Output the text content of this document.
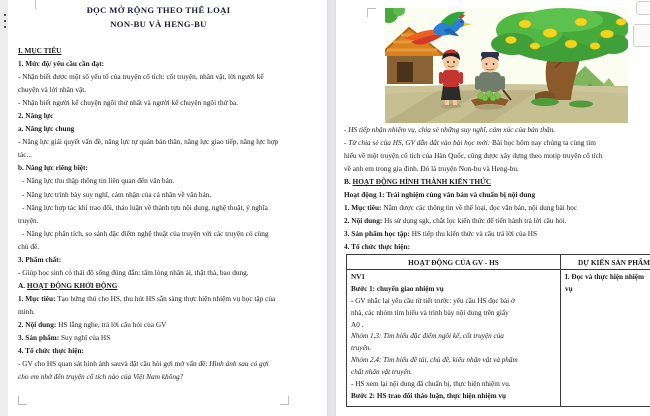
ĐỌC MỞ RỘNG THEO THỂ LOẠI
NON-BU VÀ HENG-BU
I. MỤC TIÊU
1. Mức độ/ yêu cầu cần đạt:
- Nhận biết được một số yếu tố của truyện cổ tích: cốt truyện, nhân vật, lời người kể
chuyện và lời nhân vật.
- Nhận biết người kể chuyện ngôi thứ nhất và người kể chuyện ngôi thứ ba.
2. Năng lực
a. Năng lực chung
- Năng lực giải quyết vấn đề, năng lực tự quản bản thân, năng lực giao tiếp, năng lực hợp
tác...
b. Năng lực riêng biệt:
- Năng lực thu thập thông tin liên quan đến văn bản.
- Năng lực trình bày suy nghĩ, cảm nhận của cá nhân về văn bản.
- Năng lực hợp tác khi trao đổi, thảo luận về thành tựu nội dung, nghệ thuật, ý nghĩa
truyện.
- Năng lực phân tích, so sánh đặc điểm nghệ thuật của truyện với các truyện có cùng
chủ đề.
3. Phẩm chất:
- Giúp học sinh có thái độ sống đúng đắn: tấm lòng nhân ái, thật thà, bao dung.
A. HOẠT ĐỘNG KHỞI ĐỘNG
1. Mục tiêu: Tạo hứng thú cho HS, thu hút HS sẵn sàng thực hiện nhiệm vụ học tập của
mình.
2. Nội dung: HS lắng nghe, trả lời câu hỏi của GV
3. Sản phẩm: Suy nghĩ của HS
4. Tổ chức thực hiện:
- GV cho HS quan sát hình ảnh sauvà đặt câu hỏi gợi mở vấn đề: Hình ảnh sau có gợi
cho em nhớ đến truyện cổ tích nào của Việt Nam không?
- HS tiếp nhận nhiệm vụ, chia sẻ những suy nghĩ, cảm xúc của bản thân.
- Từ chia sẻ của HS, GV dẫn dắt vào bài học mới: Bài học hôm nay chúng ta cùng tìm
hiểu về một truyện cổ tích của Hàn Quốc, cũng được xây dựng theo motip truyện cổ tích
về anh em trong gia đình. Đó là truyện Non-bu và Heng-bu.
B. HOẠT ĐỘNG HÌNH THÀNH KIẾN THỨC
Hoạt động 1: Trải nghiệm cùng văn bản và chuẩn bị nội dung
1. Mục tiêu: Nắm được các thông tin về thể loại, đọc văn bản, nội dung bài học
2. Nội dung: Hs sử dụng sgk, chắt lọc kiến thức để tiến hành trả lời câu hỏi.
3. Sản phẩm học tập: HS tiếp thu kiến thức và câu trả lời của HS
4. Tổ chức thực hiện:
HOẠT ĐỘNG CỦA GV - HS	DỰ KIẾN SẢN PHẨM
NV1
Bước 1: chuyển giao nhiệm vụ
- GV nhắc lại yêu cầu từ tiết trước: yêu cầu HS đọc bài ở
nhà, các nhóm tìm hiểu và trình bày nội dung trên giấy
A0 .
Nhóm 1,3: Tìm hiểu đặc điểm ngôi kể, cốt truyện của
truyện.
Nhóm 2,4: Tìm hiểu đề tài, chủ đề, kiểu nhân vật và phẩm
chất nhân vật truyện.
- HS xem lại nội dung đã chuẩn bị, thực hiện nhiệm vụ.
Bước 2: HS trao đổi thảo luận, thực hiện nhiệm vụ
I. Đọc và thực hiện nhiệm
vụ
